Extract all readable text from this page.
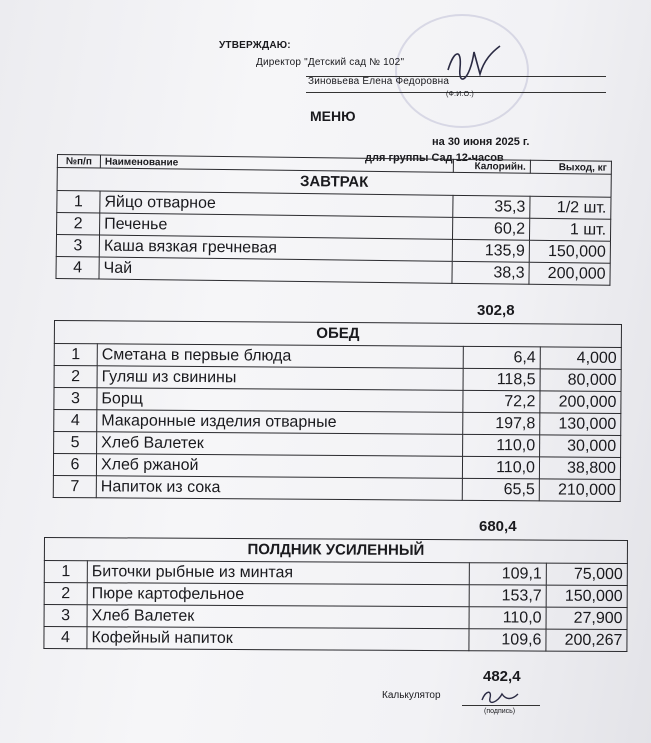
УТВЕРЖДАЮ:
Директор "Детский сад № 102"
Зиновьева Елена Федоровна
(Ф.И.О.)
МЕНЮ
на 30 июня 2025 г.
для группы Сад 12-часов
№п/п	Наименование	Калорийн.	Выход, кг
ЗАВТРАК			
1	Яйцо отварное	35,3	1/2 шт.
2	Печенье	60,2	1 шт.
3	Каша вязкая гречневая	135,9	150,000
4	Чай	38,3	200,000
302,8
ОБЕД			
1	Сметана в первые блюда	6,4	4,000
2	Гуляш из свинины	118,5	80,000
3	Борщ	72,2	200,000
4	Макаронные изделия отварные	197,8	130,000
5	Хлеб Валетек	110,0	30,000
6	Хлеб ржаной	110,0	38,800
7	Напиток из сока	65,5	210,000
680,4
ПОЛДНИК УСИЛЕННЫЙ			
1	Биточки рыбные из минтая	109,1	75,000
2	Пюре картофельное	153,7	150,000
3	Хлеб Валетек	110,0	27,900
4	Кофейный напиток	109,6	200,267
482,4
Калькулятор
(подпись)
